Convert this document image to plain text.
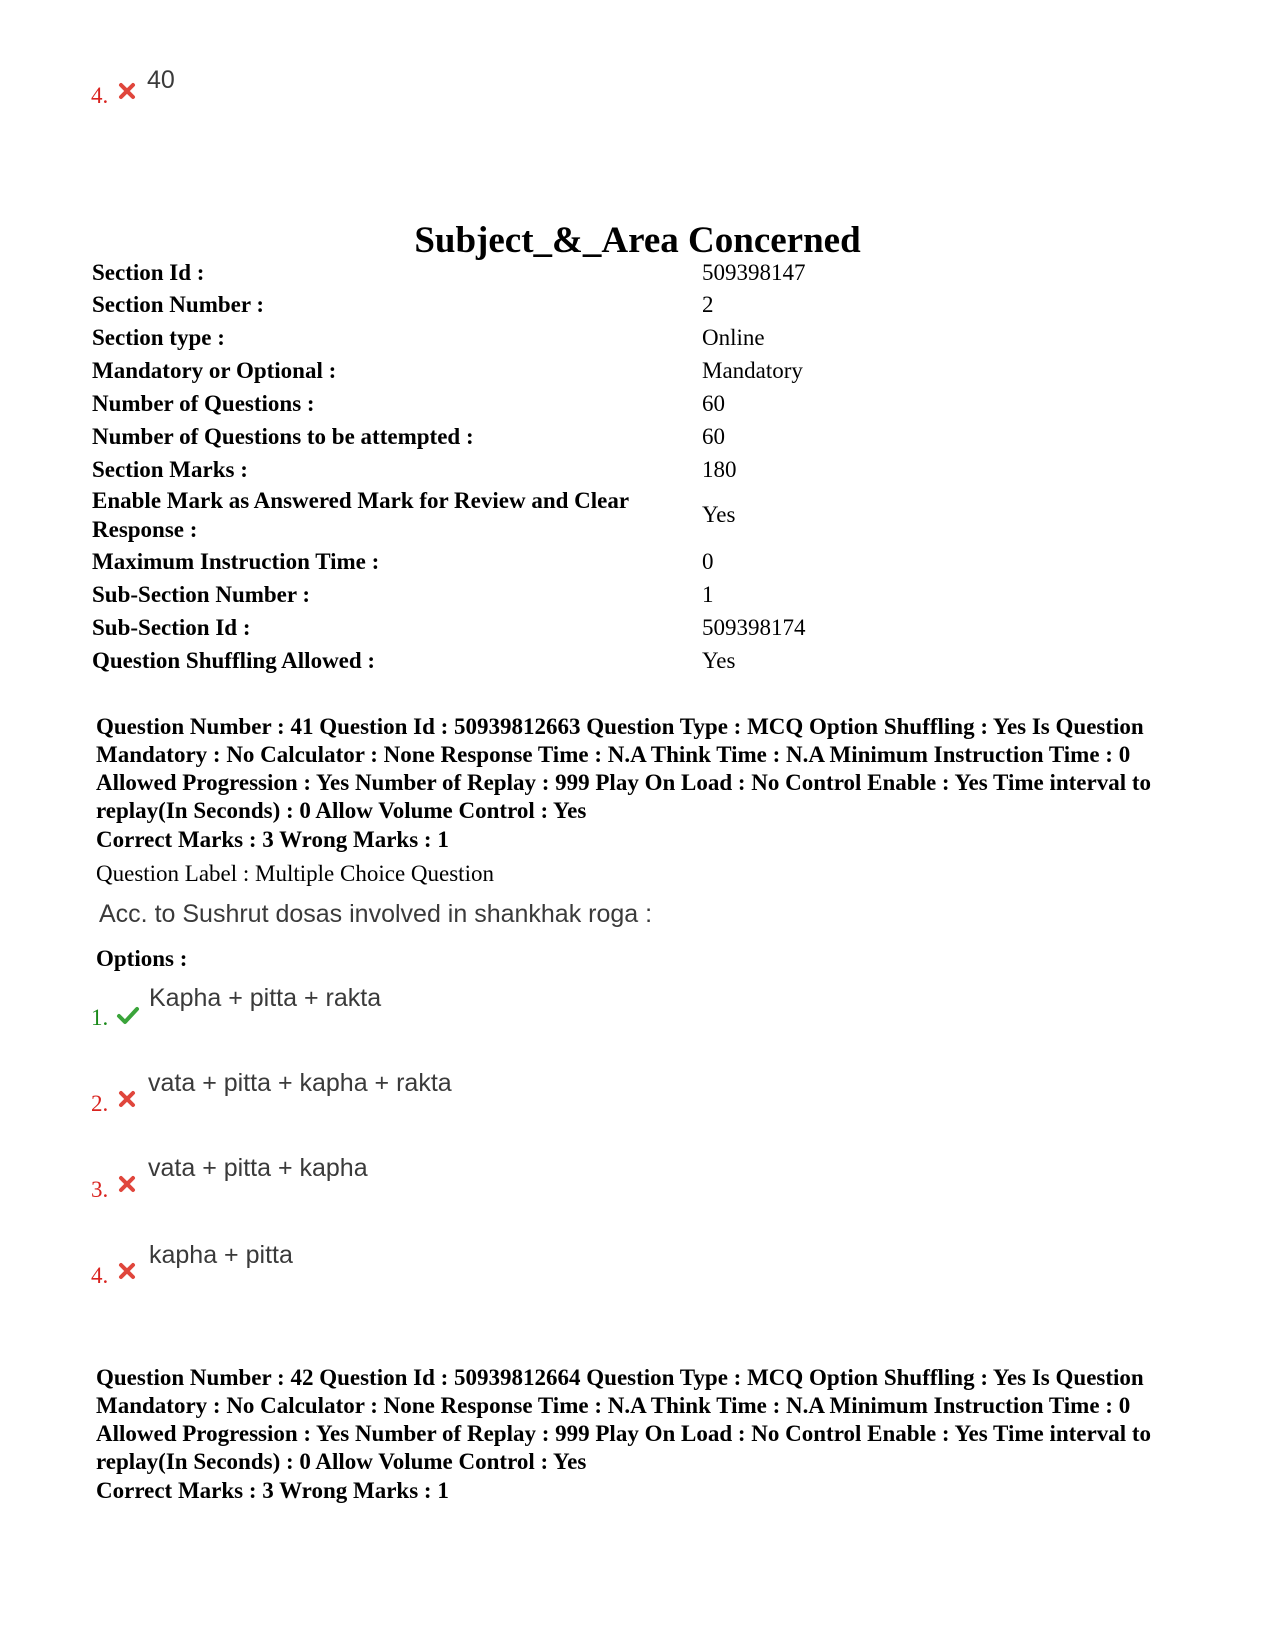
4.
40
Subject_&_Area Concerned
Section Id :	509398147
Section Number :	2
Section type :	Online
Mandatory or Optional :	Mandatory
Number of Questions :	60
Number of Questions to be attempted :	60
Section Marks :	180
Enable Mark as Answered Mark for Review and Clear Response :
Yes
Maximum Instruction Time :	0
Sub-Section Number :	1
Sub-Section Id :	509398174
Question Shuffling Allowed :	Yes
Question Number : 41 Question Id : 50939812663 Question Type : MCQ Option Shuffling : Yes Is Question Mandatory : No Calculator : None Response Time : N.A Think Time : N.A Minimum Instruction Time : 0 Allowed Progression : Yes Number of Replay : 999 Play On Load : No Control Enable : Yes Time interval to replay(In Seconds) : 0 Allow Volume Control : Yes
Correct Marks : 3 Wrong Marks : 1
Question Label : Multiple Choice Question
Acc. to Sushrut dosas involved in shankhak roga :
Options :
1.
Kapha + pitta + rakta
2.
vata + pitta + kapha + rakta
3.
vata + pitta + kapha
4.
kapha + pitta
Question Number : 42 Question Id : 50939812664 Question Type : MCQ Option Shuffling : Yes Is Question Mandatory : No Calculator : None Response Time : N.A Think Time : N.A Minimum Instruction Time : 0 Allowed Progression : Yes Number of Replay : 999 Play On Load : No Control Enable : Yes Time interval to replay(In Seconds) : 0 Allow Volume Control : Yes
Correct Marks : 3 Wrong Marks : 1
